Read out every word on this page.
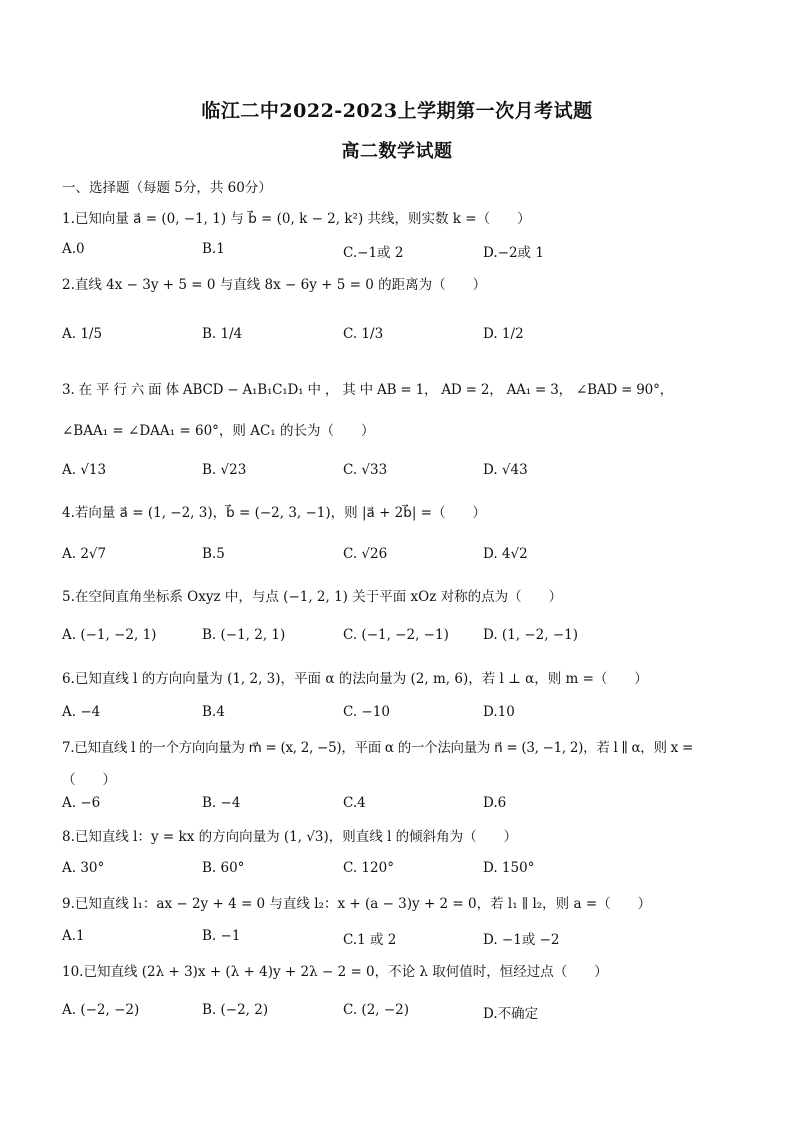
临江二中2022-2023上学期第一次月考试题
高二数学试题
一、选择题（每题 5分，共 60分）
1.已知向量 a⃗ = (0, −1, 1) 与 b⃗ = (0, k − 2, k²) 共线，则实数 k =（　　）
A.0	B.1	C.−1或 2	D.−2或 1
2.直线 4x − 3y + 5 = 0 与直线 8x − 6y + 5 = 0 的距离为（　　）
A. 1/5	B. 1/4	C. 1/3	D. 1/2
3. 在 平 行 六 面 体 ABCD − A₁B₁C₁D₁ 中 ， 其 中 AB = 1， AD = 2， AA₁ = 3， ∠BAD = 90°，
∠BAA₁ = ∠DAA₁ = 60°，则 AC₁ 的长为（　　）
A. √13	B. √23	C. √33	D. √43
4.若向量 a⃗ = (1, −2, 3)，b⃗ = (−2, 3, −1)，则 |a⃗ + 2b⃗| =（　　）
A. 2√7	B.5	C. √26	D. 4√2
5.在空间直角坐标系 Oxyz 中，与点 (−1, 2, 1) 关于平面 xOz 对称的点为（　　）
A. (−1, −2, 1)	B. (−1, 2, 1)	C. (−1, −2, −1)	D. (1, −2, −1)
6.已知直线 l 的方向向量为 (1, 2, 3)，平面 α 的法向量为 (2, m, 6)，若 l ⊥ α，则 m =（　　）
A. −4	B.4	C. −10	D.10
7.已知直线 l 的一个方向向量为 m⃗ = (x, 2, −5)，平面 α 的一个法向量为 n⃗ = (3, −1, 2)，若 l ∥ α，则 x =
（　　）
A. −6	B. −4	C.4	D.6
8.已知直线 l：y = kx 的方向向量为 (1, √3)，则直线 l 的倾斜角为（　　）
A. 30°	B. 60°	C. 120°	D. 150°
9.已知直线 l₁：ax − 2y + 4 = 0 与直线 l₂：x + (a − 3)y + 2 = 0，若 l₁ ∥ l₂，则 a =（　　）
A.1	B. −1	C.1 或 2	D. −1或 −2
10.已知直线 (2λ + 3)x + (λ + 4)y + 2λ − 2 = 0，不论 λ 取何值时，恒经过点（　　）
A. (−2, −2)	B. (−2, 2)	C. (2, −2)	D.不确定
